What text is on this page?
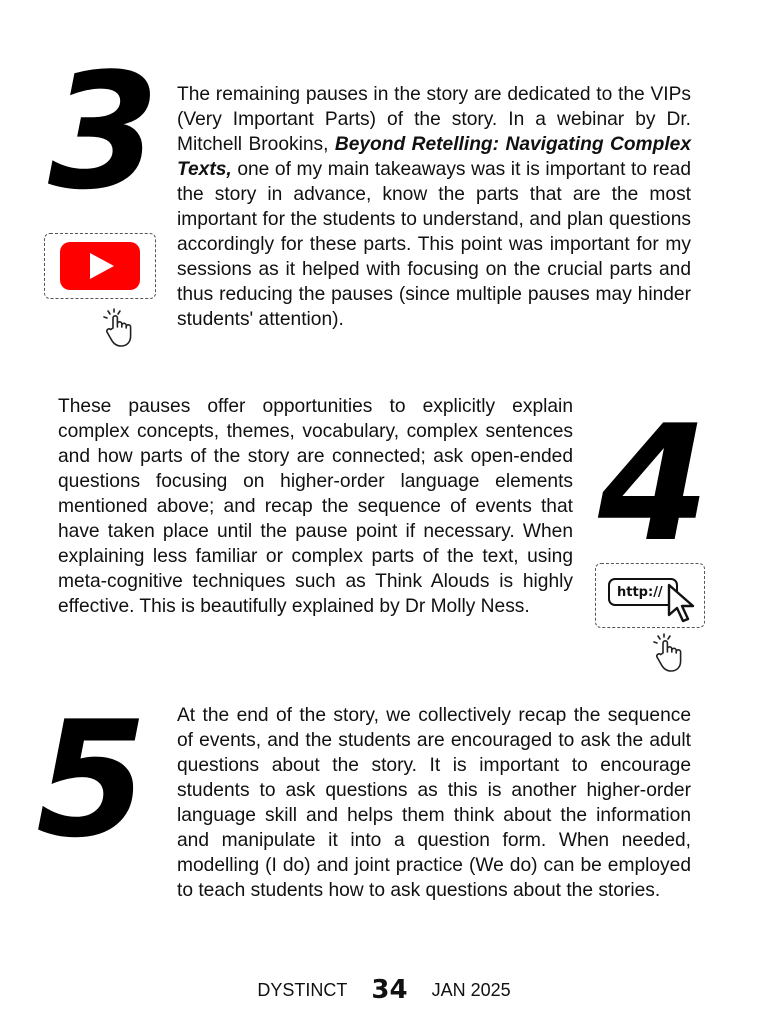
3 The remaining pauses in the story are dedicated to the VIPs (Very Important Parts) of the story. In a webinar by Dr. Mitchell Brookins, Beyond Retelling: Navigating Complex Texts, one of my main takeaways was it is important to read the story in advance, know the parts that are the most important for the students to understand, and plan questions accordingly for these parts. This point was important for my sessions as it helped with focusing on the crucial parts and thus reducing the pauses (since multiple pauses may hinder students' attention).

These pauses offer opportunities to explicitly explain complex concepts, themes, vocabulary, complex sentences and how parts of the story are connected; ask open-ended questions focusing on higher-order language elements mentioned above; and recap the sequence of events that have taken place until the pause point if necessary. When explaining less familiar or complex parts of the text, using meta-cognitive techniques such as Think Alouds is highly effective. This is beautifully explained by Dr Molly Ness.

4
http://
5 At the end of the story, we collectively recap the sequence of events, and the students are encouraged to ask the adult questions about the story. It is important to encourage students to ask questions as this is another higher-order language skill and helps them think about the information and manipulate it into a question form. When needed, modelling (I do) and joint practice (We do) can be employed to teach students how to ask questions about the stories.

DYSTINCT 34 JAN 2025
